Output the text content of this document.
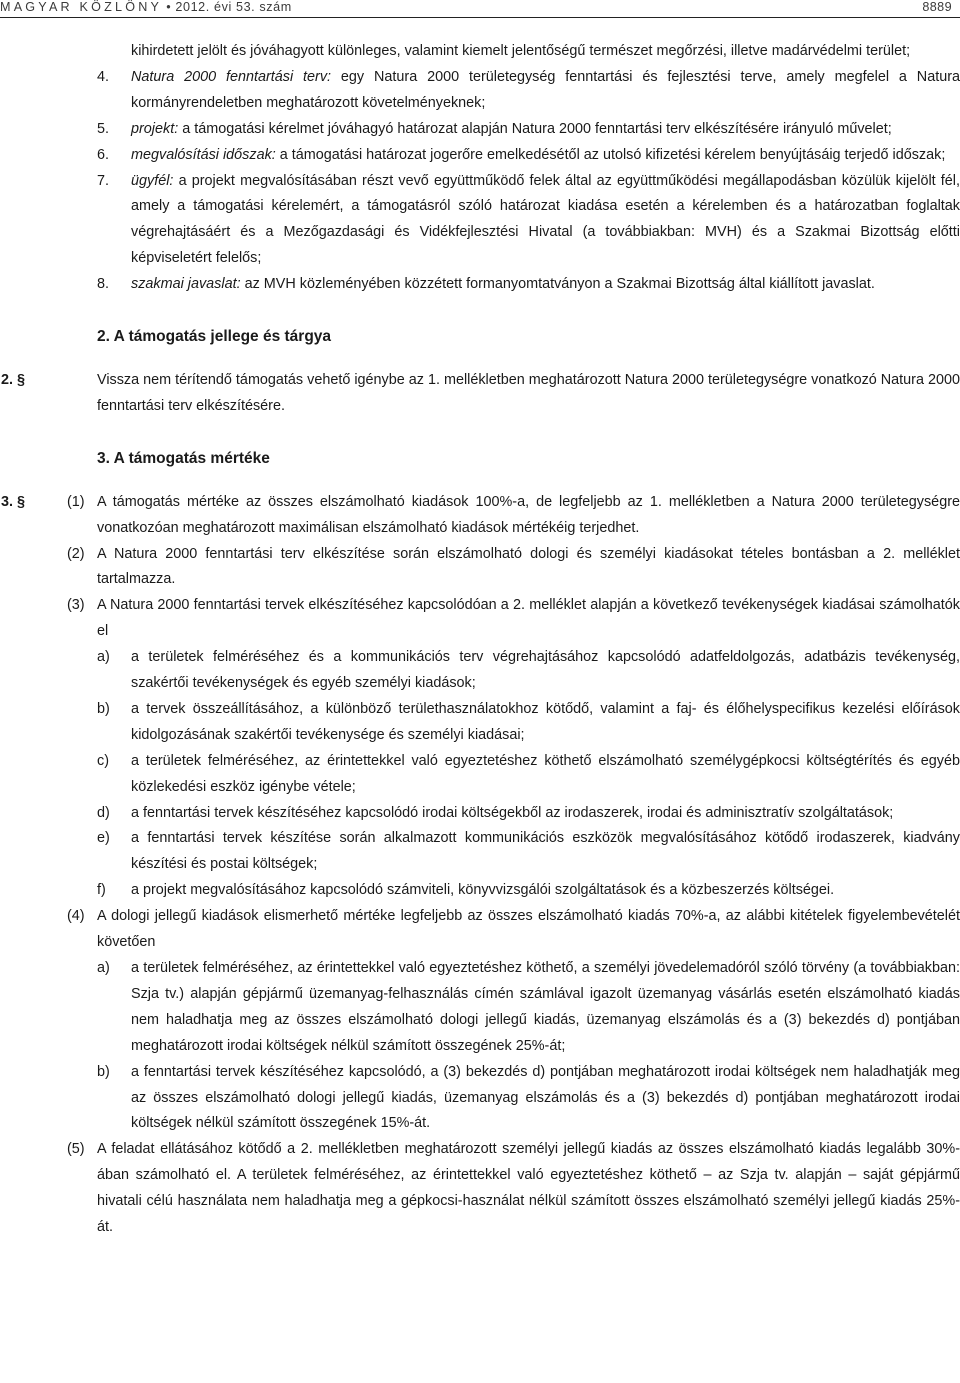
MAGYAR KÖZLÖNY • 2012. évi 53. szám	8889
kihirdetett jelölt és jóváhagyott különleges, valamint kiemelt jelentőségű természet megőrzési, illetve madárvédelmi terület;
4. Natura 2000 fenntartási terv: egy Natura 2000 területegység fenntartási és fejlesztési terve, amely megfelel a Natura kormányrendeletben meghatározott követelményeknek;
5. projekt: a támogatási kérelmet jóváhagyó határozat alapján Natura 2000 fenntartási terv elkészítésére irányuló művelet;
6. megvalósítási időszak: a támogatási határozat jogerőre emelkedésétől az utolsó kifizetési kérelem benyújtásáig terjedő időszak;
7. ügyfél: a projekt megvalósításában részt vevő együttműködő felek által az együttműködési megállapodásban közülük kijelölt fél, amely a támogatási kérelemért, a támogatásról szóló határozat kiadása esetén a kérelemben és a határozatban foglaltak végrehajtásáért és a Mezőgazdasági és Vidékfejlesztési Hivatal (a továbbiakban: MVH) és a Szakmai Bizottság előtti képviseletért felelős;
8. szakmai javaslat: az MVH közleményében közzétett formanyomtatványon a Szakmai Bizottság által kiállított javaslat.
2. A támogatás jellege és tárgya
2. §	Vissza nem térítendő támogatás vehető igénybe az 1. mellékletben meghatározott Natura 2000 területegységre vonatkozó Natura 2000 fenntartási terv elkészítésére.
3. A támogatás mértéke
3. §	(1) A támogatás mértéke az összes elszámolható kiadások 100%-a, de legfeljebb az 1. mellékletben a Natura 2000 területegységre vonatkozóan meghatározott maximálisan elszámolható kiadások mértékéig terjedhet.
(2) A Natura 2000 fenntartási terv elkészítése során elszámolható dologi és személyi kiadásokat tételes bontásban a 2. melléklet tartalmazza.
(3) A Natura 2000 fenntartási tervek elkészítéséhez kapcsolódóan a 2. melléklet alapján a következő tevékenységek kiadásai számolhatók el
a) a területek felméréséhez és a kommunikációs terv végrehajtásához kapcsolódó adatfeldolgozás, adatbázis tevékenység, szakértői tevékenységek és egyéb személyi kiadások;
b) a tervek összeállításához, a különböző területhasználatokhoz kötődő, valamint a faj- és élőhelyspecifikus kezelési előírások kidolgozásának szakértői tevékenysége és személyi kiadásai;
c) a területek felméréséhez, az érintettekkel való egyeztetéshez köthető elszámolható személygépkocsi költségtérítés és egyéb közlekedési eszköz igénybe vétele;
d) a fenntartási tervek készítéséhez kapcsolódó irodai költségekből az irodaszerek, irodai és adminisztratív szolgáltatások;
e) a fenntartási tervek készítése során alkalmazott kommunikációs eszközök megvalósításához kötődő irodaszerek, kiadvány készítési és postai költségek;
f) a projekt megvalósításához kapcsolódó számviteli, könyvvizsgálói szolgáltatások és a közbeszerzés költségei.
(4) A dologi jellegű kiadások elismerhető mértéke legfeljebb az összes elszámolható kiadás 70%-a, az alábbi kitételek figyelembevételét követően
a) a területek felméréséhez, az érintettekkel való egyeztetéshez köthető, a személyi jövedelemadóról szóló törvény (a továbbiakban: Szja tv.) alapján gépjármű üzemanyag-felhasználás címén számlával igazolt üzemanyag vásárlás esetén elszámolható kiadás nem haladhatja meg az összes elszámolható dologi jellegű kiadás, üzemanyag elszámolás és a (3) bekezdés d) pontjában meghatározott irodai költségek nélkül számított összegének 25%-át;
b) a fenntartási tervek készítéséhez kapcsolódó, a (3) bekezdés d) pontjában meghatározott irodai költségek nem haladhatják meg az összes elszámolható dologi jellegű kiadás, üzemanyag elszámolás és a (3) bekezdés d) pontjában meghatározott irodai költségek nélkül számított összegének 15%-át.
(5) A feladat ellátásához kötődő a 2. mellékletben meghatározott személyi jellegű kiadás az összes elszámolható kiadás legalább 30%-ában számolható el. A területek felméréséhez, az érintettekkel való egyeztetéshez köthető – az Szja tv. alapján – saját gépjármű hivatali célú használata nem haladhatja meg a gépkocsi-használat nélkül számított összes elszámolható személyi jellegű kiadás 25%-át.
